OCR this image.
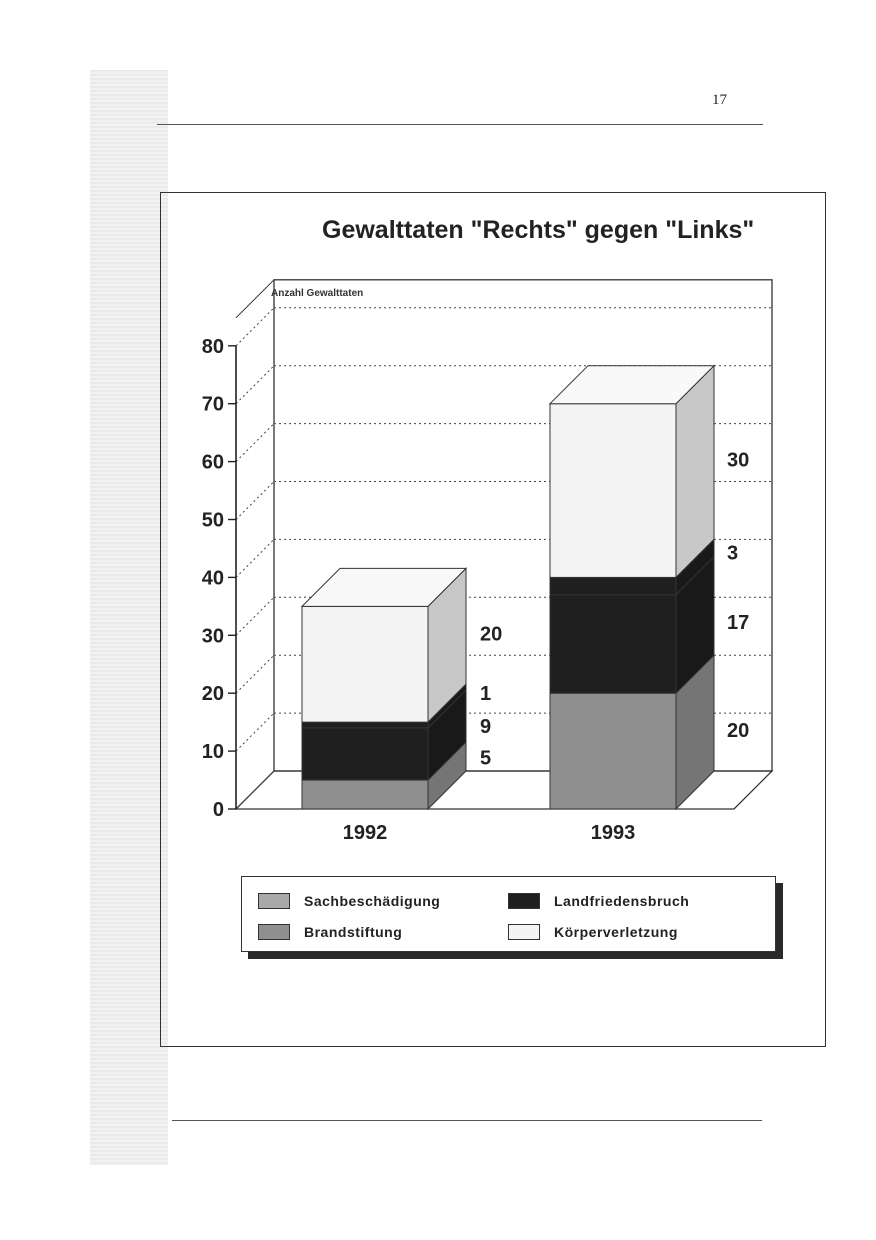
17
Gewalttaten "Rechts" gegen "Links"
Anzahl Gewalttaten
0
10
20
30
40
50
60
70
80
1992
5
9
1
20
1993
20
17
3
30
Sachbeschädigung	Landfriedensbruch
Brandstiftung	Körperverletzung
